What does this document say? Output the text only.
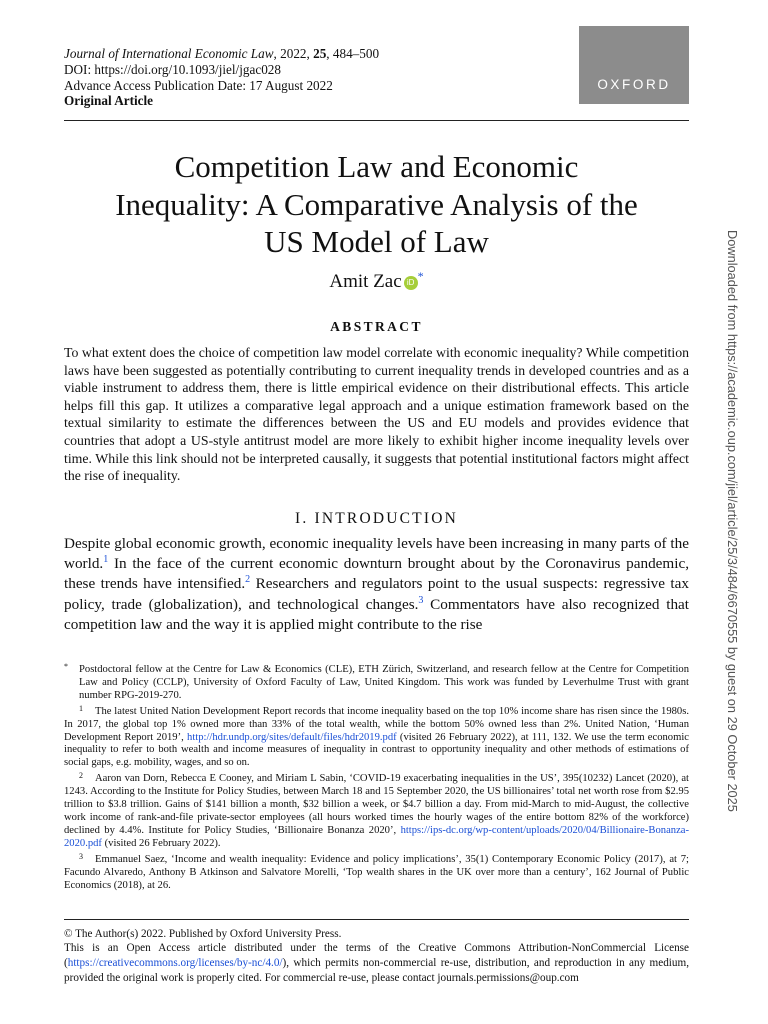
Journal of International Economic Law, 2022, 25, 484–500
DOI: https://doi.org/10.1093/jiel/jgac028
Advance Access Publication Date: 17 August 2022
Original Article
OXFORD
Competition Law and Economic
Inequality: A Comparative Analysis of the
US Model of Law
Amit Zac iD *
ABSTRACT

To what extent does the choice of competition law model correlate with economic inequality? While competition laws have been suggested as potentially contributing to current inequality trends in developed countries and as a viable instrument to address them, there is little empirical evidence on their distributional effects. This article helps fill this gap. It utilizes a comparative legal approach and a unique estimation framework based on the textual similarity to estimate the differences between the US and EU models and provides evidence that countries that adopt a US-style antitrust model are more likely to exhibit higher income inequality levels over time. While this link should not be interpreted causally, it suggests that potential institutional factors might affect the rise of inequality.

I. INTRODUCTION

Despite global economic growth, economic inequality levels have been increasing in many parts of the world.$^1$ In the face of the current economic downturn brought about by the Coronavirus pandemic, these trends have intensified.$^2$ Researchers and regulators point to the usual suspects: regressive tax policy, trade (globalization), and technological changes.$^3$ Commentators have also recognized that competition law and the way it is applied might contribute to the rise

* Postdoctoral fellow at the Centre for Law & Economics (CLE), ETH Zürich, Switzerland, and research fellow at the Centre for Competition Law and Policy (CCLP), University of Oxford Faculty of Law, United Kingdom. This work was funded by Leverhulme Trust with grant number RPG-2019-270.

1 The latest United Nation Development Report records that income inequality based on the top 10% income share has risen since the 1980s. In 2017, the global top 1% owned more than 33% of the total wealth, while the bottom 50% owned less than 2%. United Nation, ‘Human Development Report 2019’, http://hdr.undp.org/sites/default/files/hdr2019.pdf (visited 26 February 2022), at 111, 132. We use the term economic inequality to refer to both wealth and income measures of inequality in contrast to opportunity inequality and other methods of estimations of social gaps, e.g. mobility, wages, and so on.

2 Aaron van Dorn, Rebecca E Cooney, and Miriam L Sabin, ‘COVID-19 exacerbating inequalities in the US’, 395(10232) Lancet (2020), at 1243. According to the Institute for Policy Studies, between March 18 and 15 September 2020, the US billionaires’ total net worth rose from $2.95 trillion to $3.8 trillion. Gains of $141 billion a month, $32 billion a week, or $4.7 billion a day. From mid-March to mid-August, the collective work income of rank-and-file private-sector employees (all hours worked times the hourly wages of the entire bottom 82% of the workforce) declined by 4.4%. Institute for Policy Studies, ‘Billionaire Bonanza 2020’, https://ips-dc.org/wp-content/uploads/2020/04/Billionaire-Bonanza-2020.pdf (visited 26 February 2022).

3 Emmanuel Saez, ‘Income and wealth inequality: Evidence and policy implications’, 35(1) Contemporary Economic Policy (2017), at 7; Facundo Alvaredo, Anthony B Atkinson and Salvatore Morelli, ‘Top wealth shares in the UK over more than a century’, 162 Journal of Public Economics (2018), at 26.

© The Author(s) 2022. Published by Oxford University Press.

This is an Open Access article distributed under the terms of the Creative Commons Attribution-NonCommercial License (https://creativecommons.org/licenses/by-nc/4.0/), which permits non-commercial re-use, distribution, and reproduction in any medium, provided the original work is properly cited. For commercial re-use, please contact journals.permissions@oup.com

Downloaded from https://academic.oup.com/jiel/article/25/3/484/6670555 by guest on 29 October 2025
